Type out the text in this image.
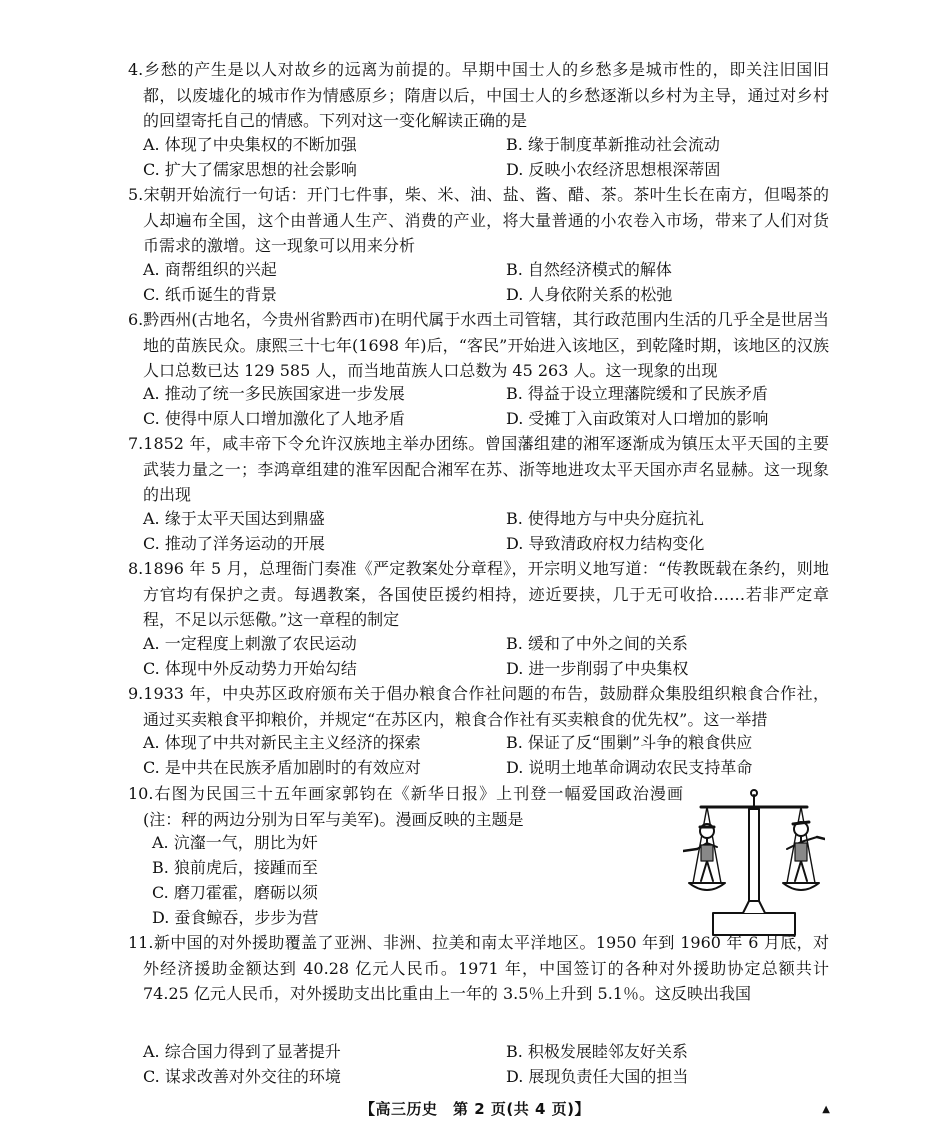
4.乡愁的产生是以人对故乡的远离为前提的。早期中国士人的乡愁多是城市性的，即关注旧国旧都，以废墟化的城市作为情感原乡；隋唐以后，中国士人的乡愁逐渐以乡村为主导，通过对乡村的回望寄托自己的情感。下列对这一变化解读正确的是
A. 体现了中央集权的不断加强	B. 缘于制度革新推动社会流动
C. 扩大了儒家思想的社会影响	D. 反映小农经济思想根深蒂固
5.宋朝开始流行一句话：开门七件事，柴、米、油、盐、酱、醋、茶。茶叶生长在南方，但喝茶的人却遍布全国，这个由普通人生产、消费的产业，将大量普通的小农卷入市场，带来了人们对货币需求的激增。这一现象可以用来分析
A. 商帮组织的兴起	B. 自然经济模式的解体
C. 纸币诞生的背景	D. 人身依附关系的松弛
6.黔西州(古地名，今贵州省黔西市)在明代属于水西土司管辖，其行政范围内生活的几乎全是世居当地的苗族民众。康熙三十七年(1698 年)后，“客民”开始进入该地区，到乾隆时期，该地区的汉族人口总数已达 129 585 人，而当地苗族人口总数为 45 263 人。这一现象的出现
A. 推动了统一多民族国家进一步发展	B. 得益于设立理藩院缓和了民族矛盾
C. 使得中原人口增加激化了人地矛盾	D. 受摊丁入亩政策对人口增加的影响
7.1852 年，咸丰帝下令允许汉族地主举办团练。曾国藩组建的湘军逐渐成为镇压太平天国的主要武装力量之一；李鸿章组建的淮军因配合湘军在苏、浙等地进攻太平天国亦声名显赫。这一现象的出现
A. 缘于太平天国达到鼎盛	B. 使得地方与中央分庭抗礼
C. 推动了洋务运动的开展	D. 导致清政府权力结构变化
8.1896 年 5 月，总理衙门奏准《严定教案处分章程》，开宗明义地写道：“传教既载在条约，则地方官均有保护之责。每遇教案，各国使臣援约相持，迹近要挟，几于无可收拾……若非严定章程，不足以示惩儆。”这一章程的制定
A. 一定程度上刺激了农民运动	B. 缓和了中外之间的关系
C. 体现中外反动势力开始勾结	D. 进一步削弱了中央集权
9.1933 年，中央苏区政府颁布关于倡办粮食合作社问题的布告，鼓励群众集股组织粮食合作社，通过买卖粮食平抑粮价，并规定“在苏区内，粮食合作社有买卖粮食的优先权”。这一举措
A. 体现了中共对新民主主义经济的探索	B. 保证了反“围剿”斗争的粮食供应
C. 是中共在民族矛盾加剧时的有效应对	D. 说明土地革命调动农民支持革命
10.右图为民国三十五年画家郭钧在《新华日报》上刊登一幅爱国政治漫画(注：秤的两边分别为日军与美军)。漫画反映的主题是
A. 沆瀣一气，朋比为奸
B. 狼前虎后，接踵而至
C. 磨刀霍霍，磨砺以须
D. 蚕食鲸吞，步步为营
11.新中国的对外援助覆盖了亚洲、非洲、拉美和南太平洋地区。1950 年到 1960 年 6 月底，对外经济援助金额达到 40.28 亿元人民币。1971 年，中国签订的各种对外援助协定总额共计 74.25 亿元人民币，对外援助支出比重由上一年的 3.5％上升到 5.1％。这反映出我国
A. 综合国力得到了显著提升	B. 积极发展睦邻友好关系
C. 谋求改善对外交往的环境	D. 展现负责任大国的担当
【高三历史　第 2 页(共 4 页)】	▲
